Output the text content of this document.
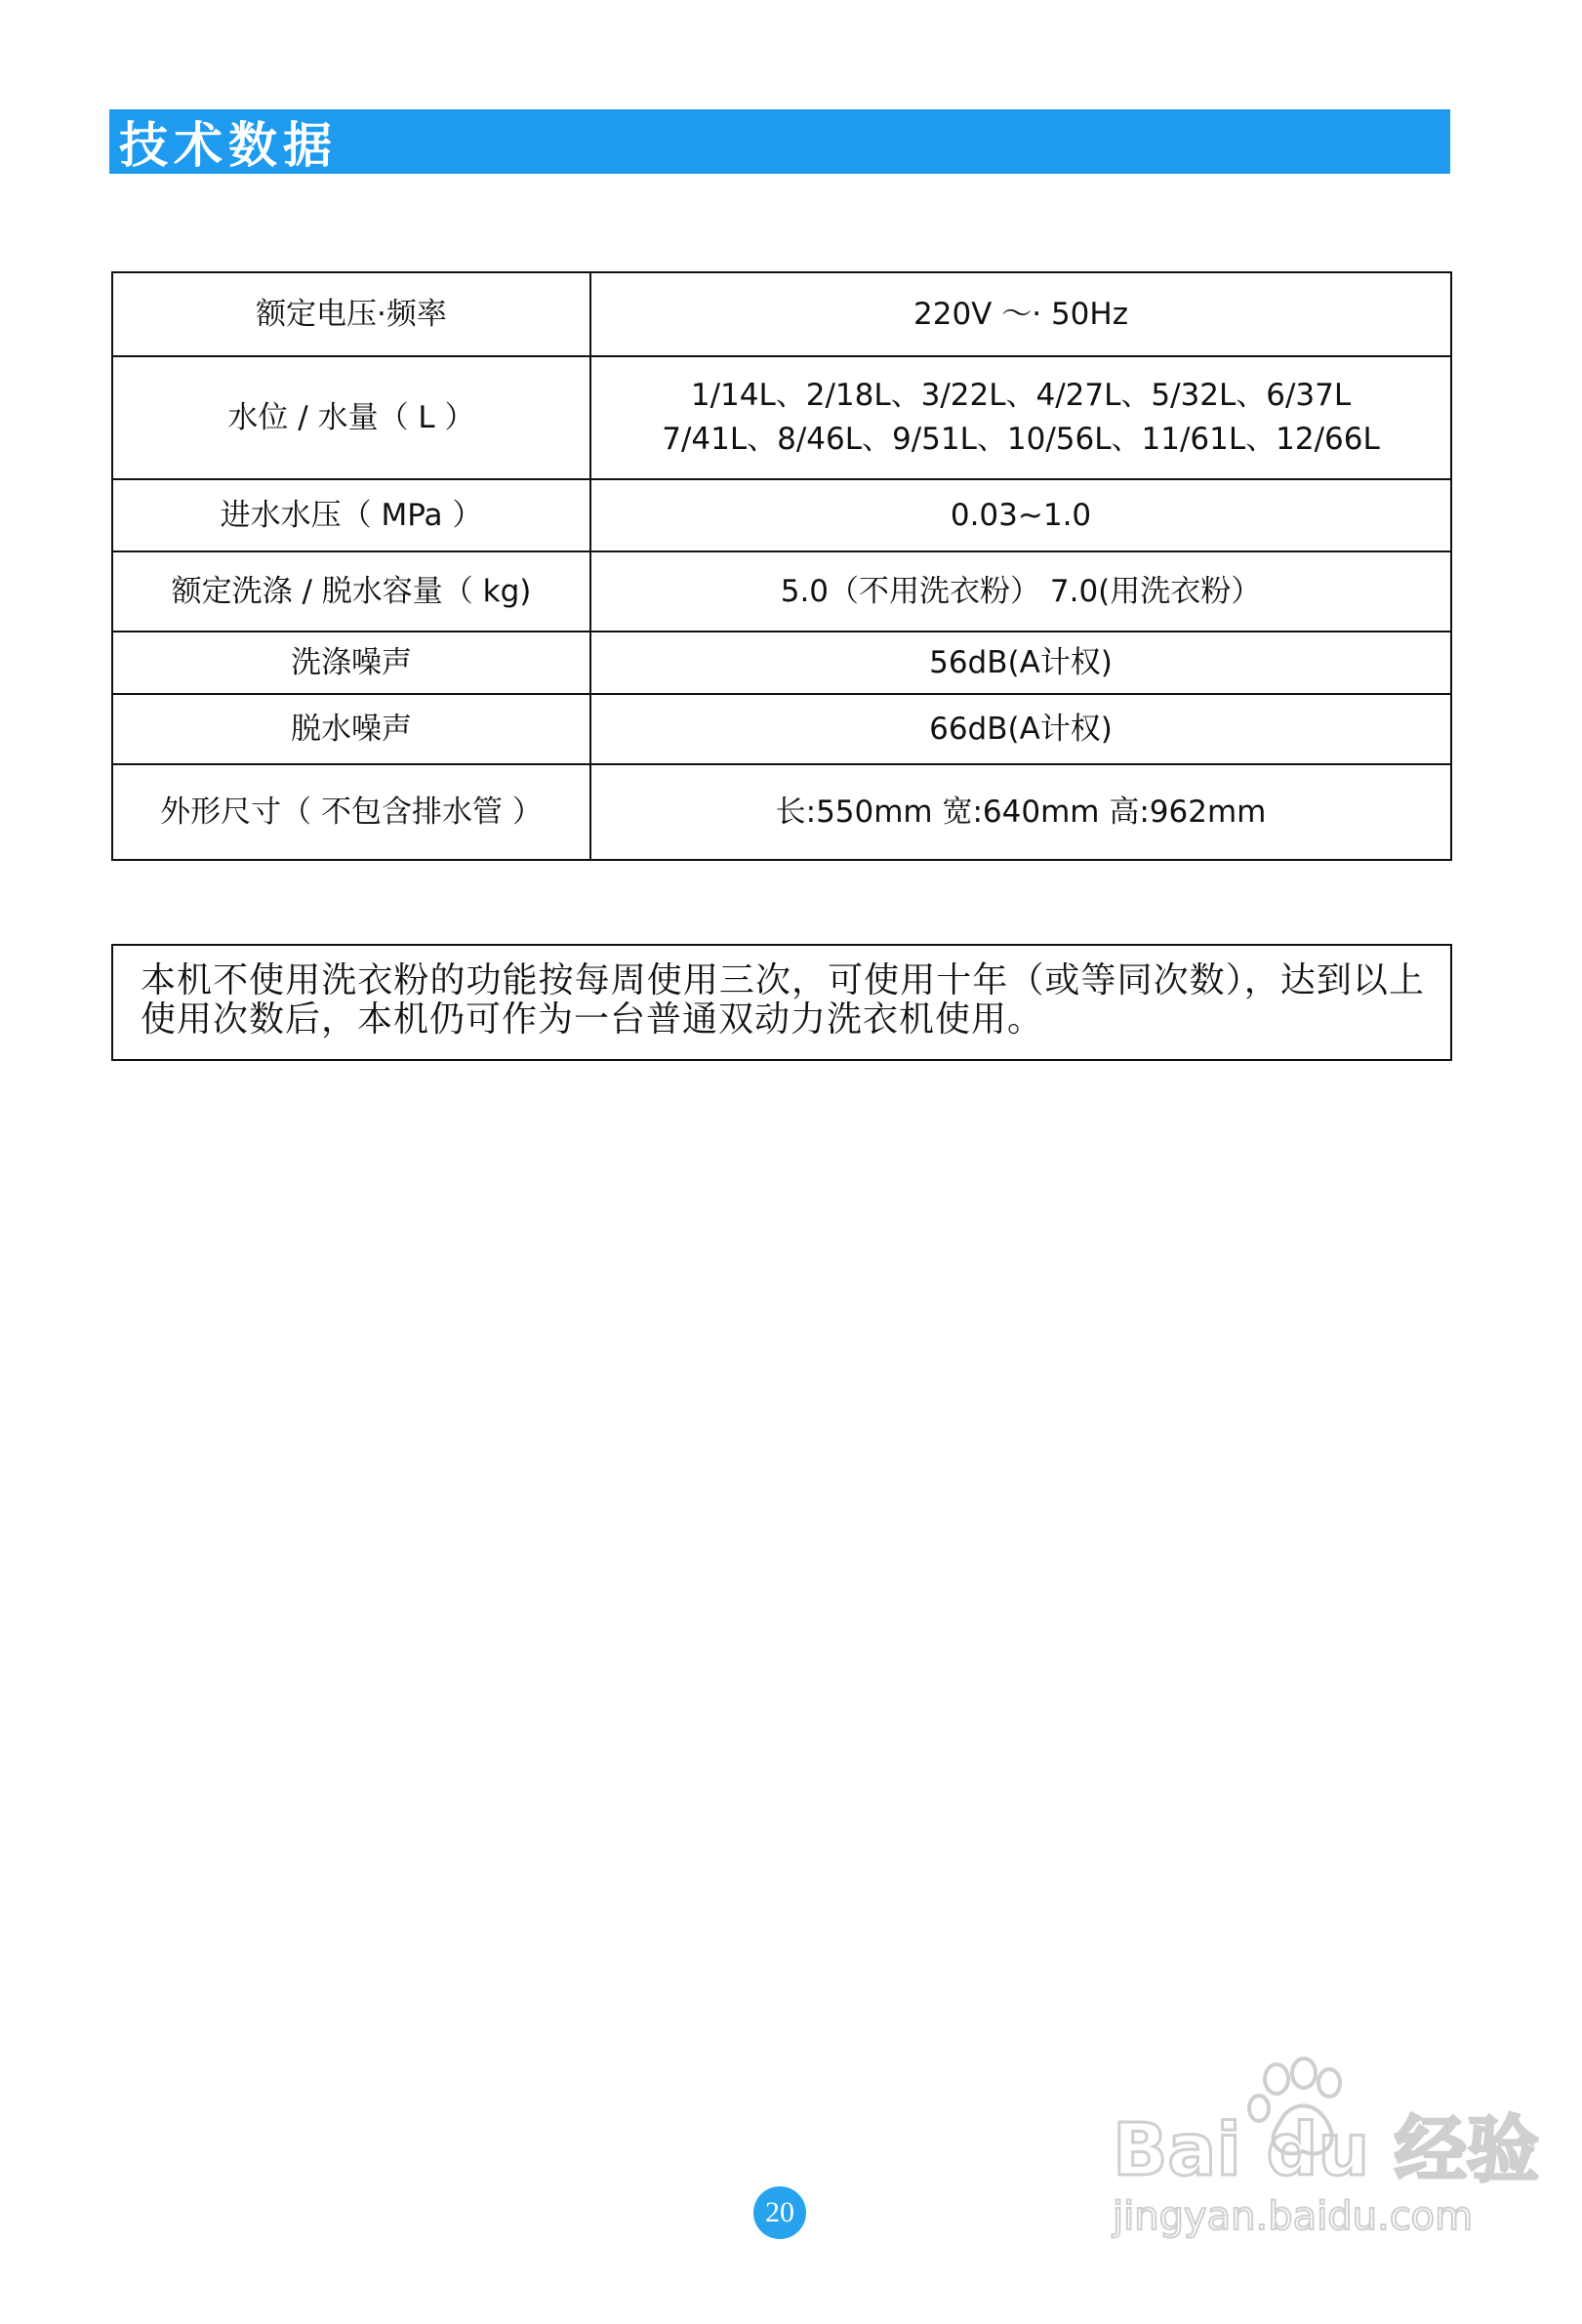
技术数据
额定电压·频率	220V ～· 50Hz
水位 / 水量（ L ）	1/14L、2/18L、3/22L、4/27L、5/32L、6/37L
7/41L、8/46L、9/51L、10/56L、11/61L、12/66L

进水水压（ MPa ）	0.03~1.0
额定洗涤 / 脱水容量（ kg)	5.0（不用洗衣粉） 7.0(用洗衣粉）
洗涤噪声	56dB(A计权)
脱水噪声	66dB(A计权)
外形尺寸（ 不包含排水管 ）	长:550mm 宽:640mm 高:962mm
本机不使用洗衣粉的功能按每周使用三次，可使用十年（或等同次数），达到以上使用次数后，本机仍可作为一台普通双动力洗衣机使用。
Bai du 经验
jingyan.baidu.com
20
